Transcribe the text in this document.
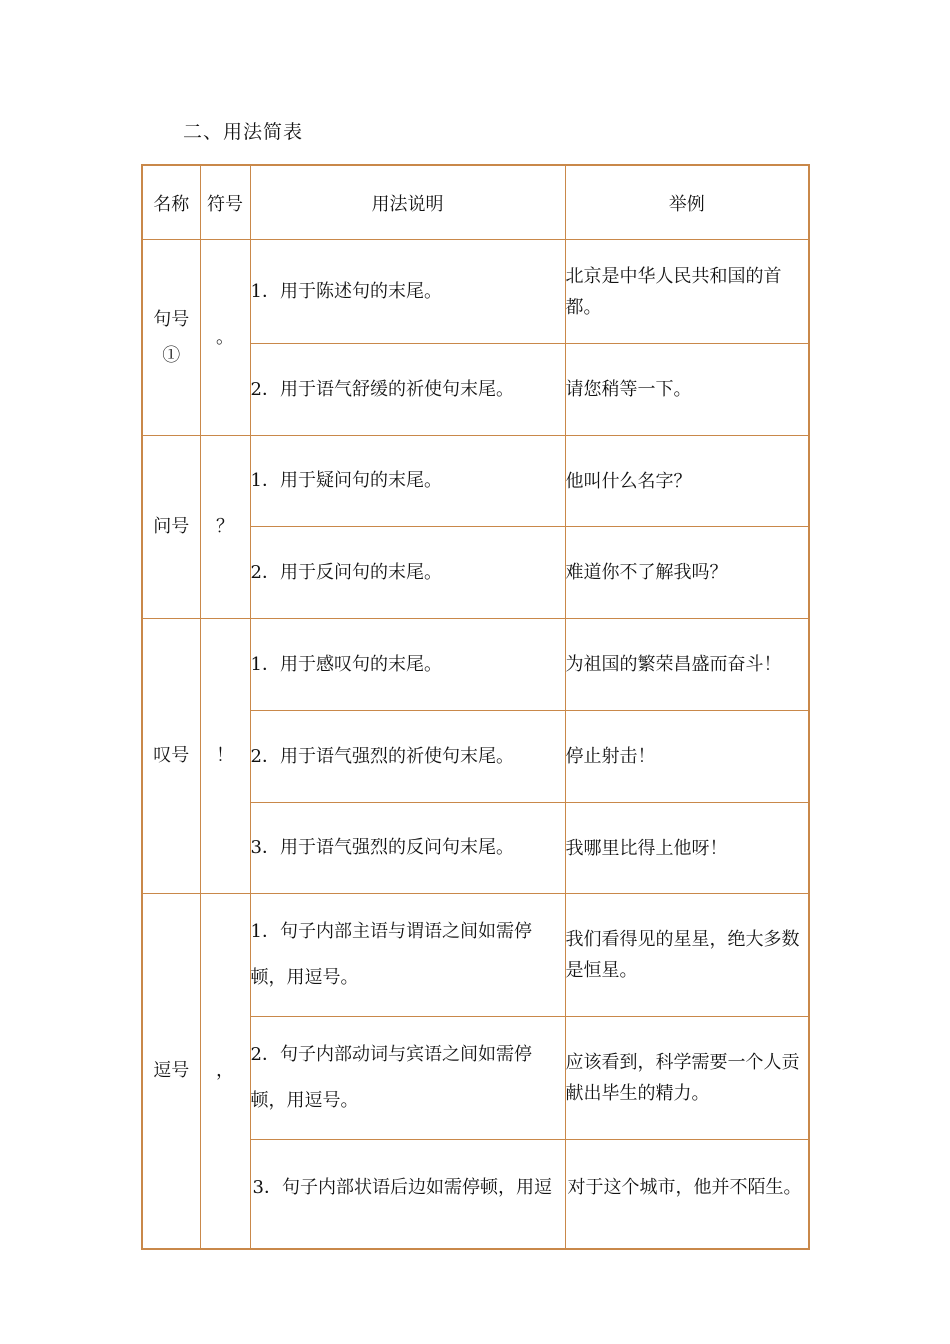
二、用法简表
名称	符号	用法说明	举例

句号①	。	1．用于陈述句的末尾。	北京是中华人民共和国的首都。
		2．用于语气舒缓的祈使句末尾。	请您稍等一下。
问号	？	1．用于疑问句的末尾。	他叫什么名字？
		2．用于反问句的末尾。	难道你不了解我吗？
叹号	！	1．用于感叹句的末尾。	为祖国的繁荣昌盛而奋斗！
		2．用于语气强烈的祈使句末尾。	停止射击！
		3．用于语气强烈的反问句末尾。	我哪里比得上他呀！
逗号	，	1．句子内部主语与谓语之间如需停顿，用逗号。	我们看得见的星星，绝大多数是恒星。
		2．句子内部动词与宾语之间如需停顿，用逗号。	应该看到，科学需要一个人贡献出毕生的精力。

		3．句子内部状语后边如需停顿，用逗	对于这个城市，他并不陌生。
